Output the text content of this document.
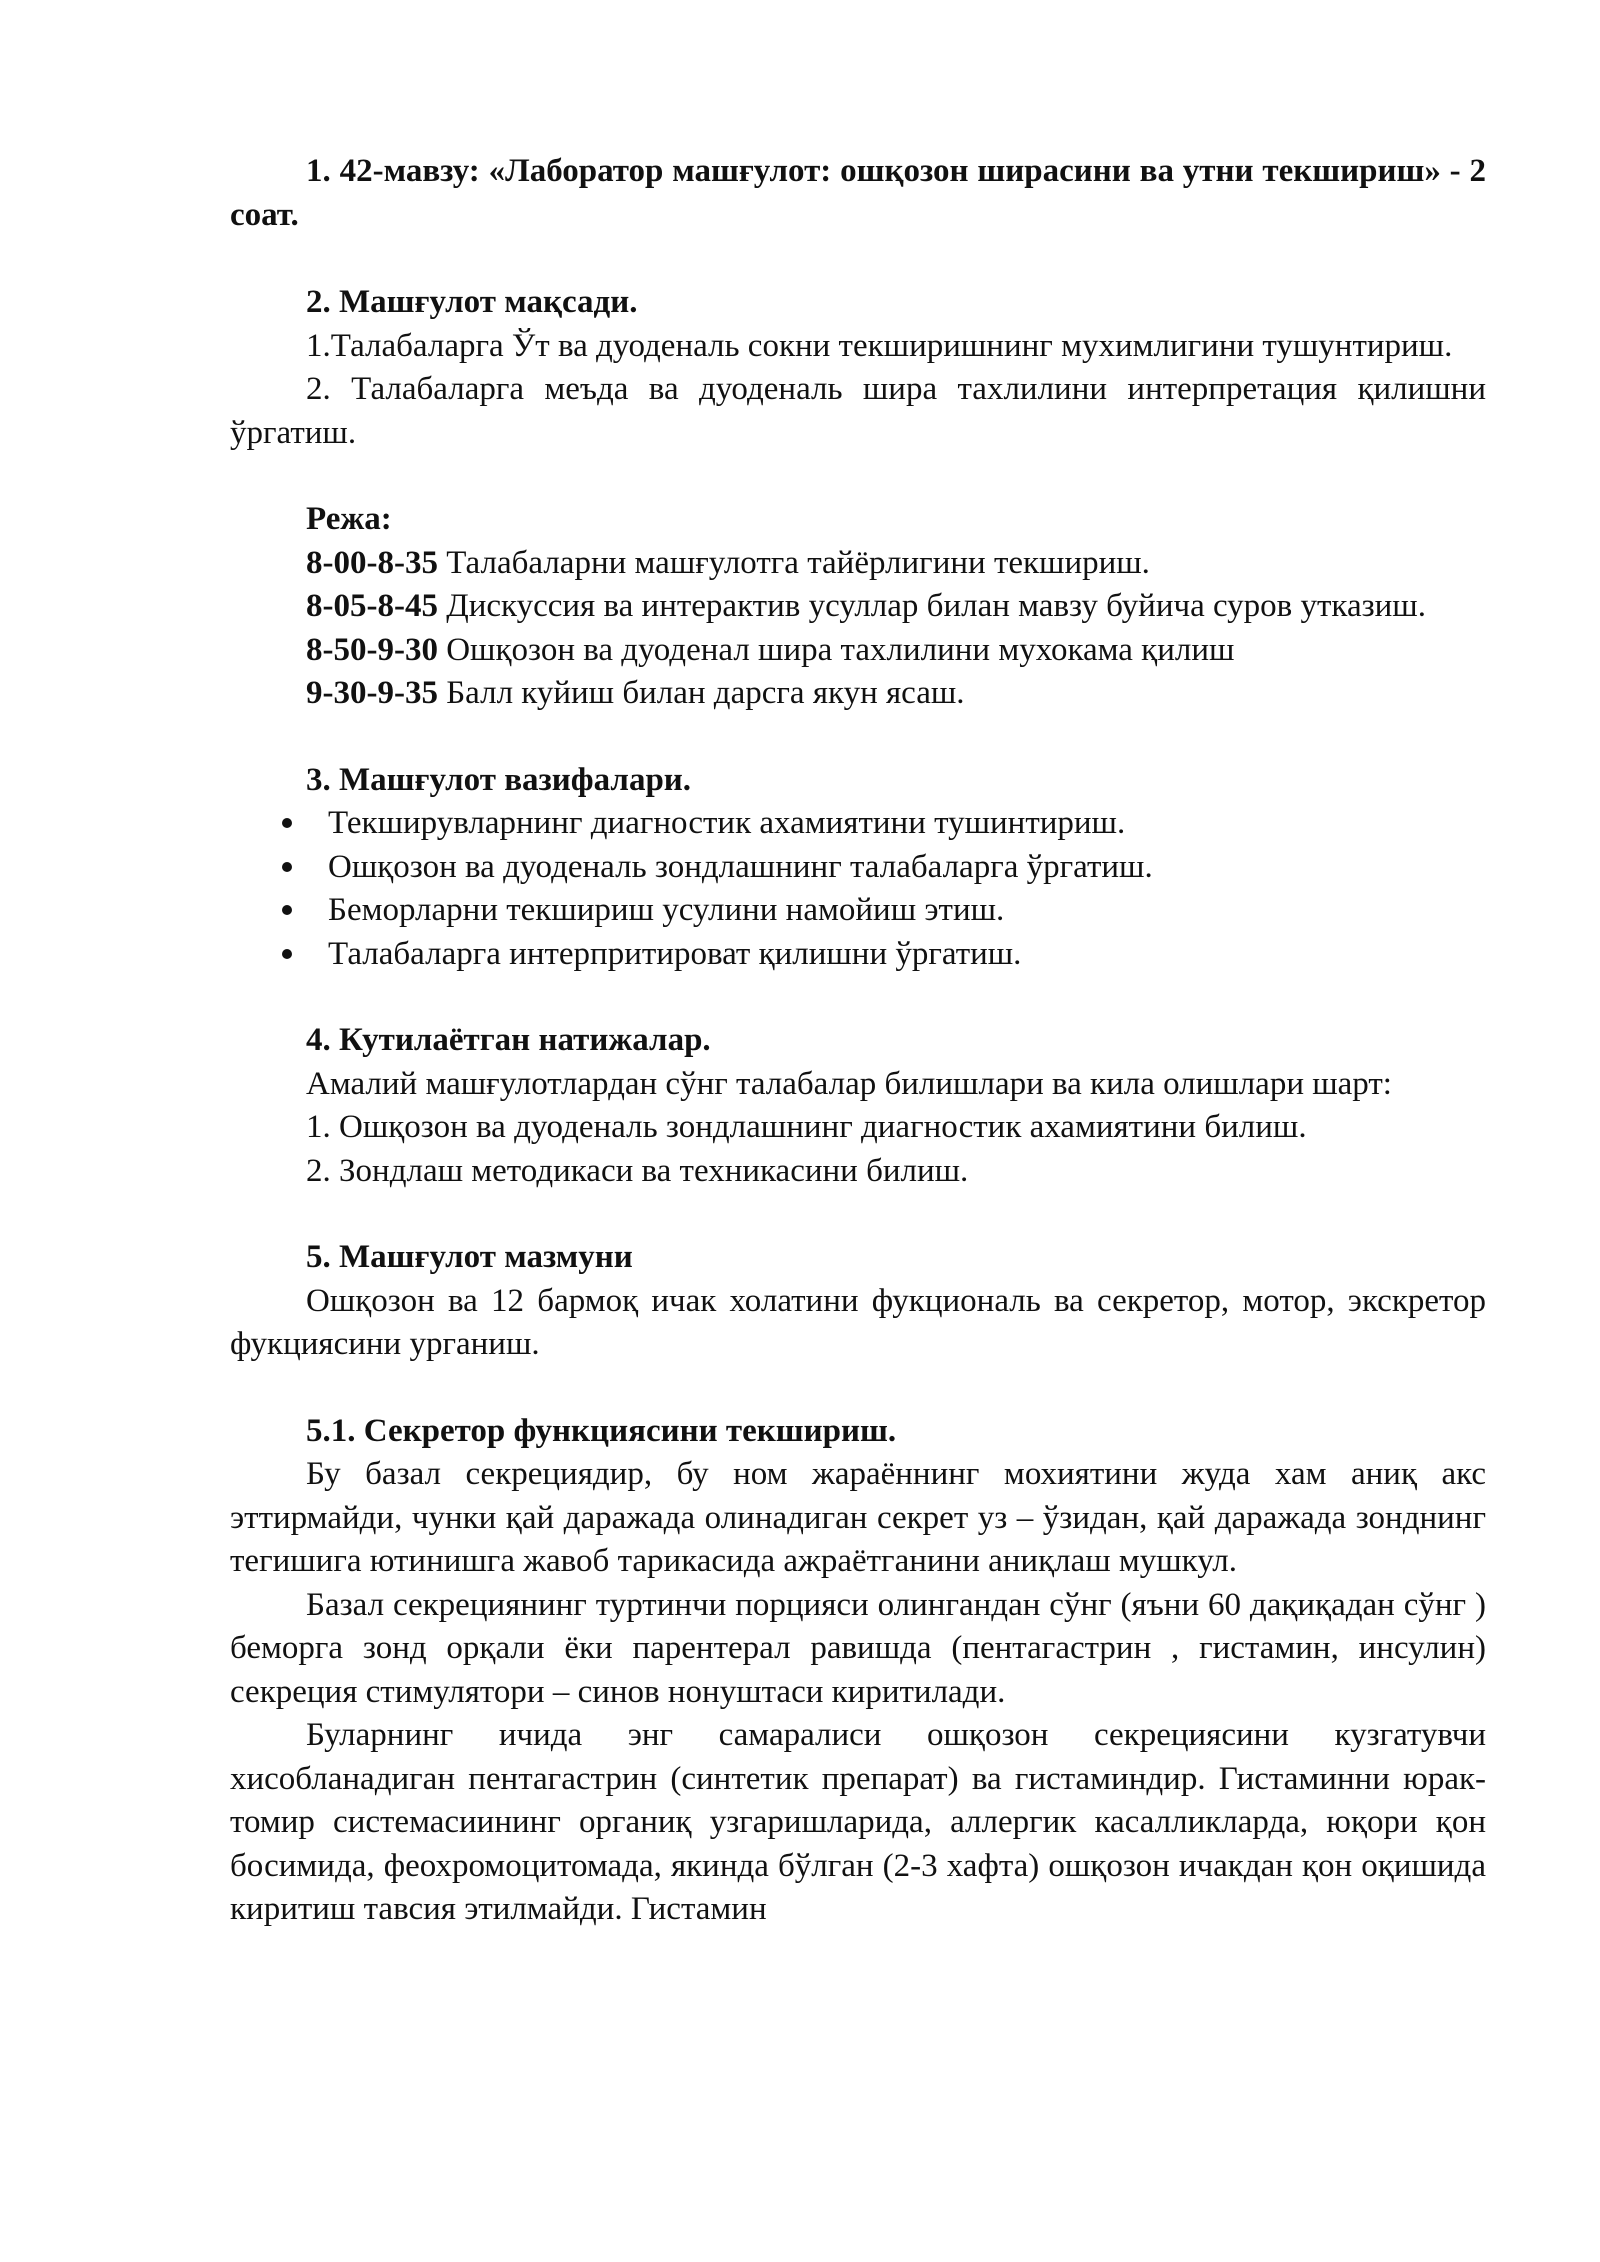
1. 42-мавзу: «Лаборатор машғулот: ошқозон ширасини ва утни текшириш» - 2 соат.

2. Машғулот мақсади.

1.Талабаларга Ўт ва дуоденаль сокни текширишнинг мухимлигини тушунтириш.

2. Талабаларга меъда ва дуоденаль шира тахлилини интерпретация қилишни ўргатиш.

Режа:

8-00-8-35 Талабаларни машғулотга тайёрлигини текшириш.

8-05-8-45 Дискуссия ва интерактив усуллар билан мавзу буйича суров утказиш.

8-50-9-30 Ошқозон ва дуоденал шира тахлилини мухокама қилиш

9-30-9-35 Балл куйиш билан дарсга якун ясаш.

3. Машғулот вазифалари.

Текширувларнинг диагностик ахамиятини тушинтириш.
Ошқозон ва дуоденаль зондлашнинг талабаларга ўргатиш.
Беморларни текшириш усулини намойиш этиш.
Талабаларга интерпритироват қилишни ўргатиш.

4. Кутилаётган натижалар.

Амалий машғулотлардан сўнг талабалар билишлари ва кила олишлари шарт:

1. Ошқозон ва дуоденаль зондлашнинг диагностик ахамиятини билиш.

2. Зондлаш методикаси ва техникасини билиш.

5. Машғулот мазмуни

Ошқозон ва 12 бармоқ ичак холатини фукциональ ва секретор, мотор, экскретор фукциясини урганиш.

5.1. Секретор функциясини текшириш.

Бу базал секрециядир, бу ном жараённинг мохиятини жуда хам аниқ акс эттирмайди, чунки қай даражада олинадиган секрет уз – ўзидан, қай даражада зонднинг тегишига ютинишга жавоб тарикасида ажраётганини аниқлаш мушкул.

Базал секрециянинг туртинчи порцияси олингандан сўнг (яъни 60 дақиқадан сўнг ) беморга зонд орқали ёки парентерал равишда (пентагастрин , гистамин, инсулин) секреция стимулятори – синов нонуштаси киритилади.

Буларнинг ичида энг самаралиси ошқозон секрециясини кузгатувчи хисобланадиган пентагастрин (синтетик препарат) ва гистаминдир. Гистаминни юрак-томир системасиининг органиқ узгаришларида, аллергик касалликларда, юқори қон босимида, феохромоцитомада, якинда бўлган (2-3 хафта) ошқозон ичакдан қон оқишида киритиш тавсия этилмайди. Гистамин
